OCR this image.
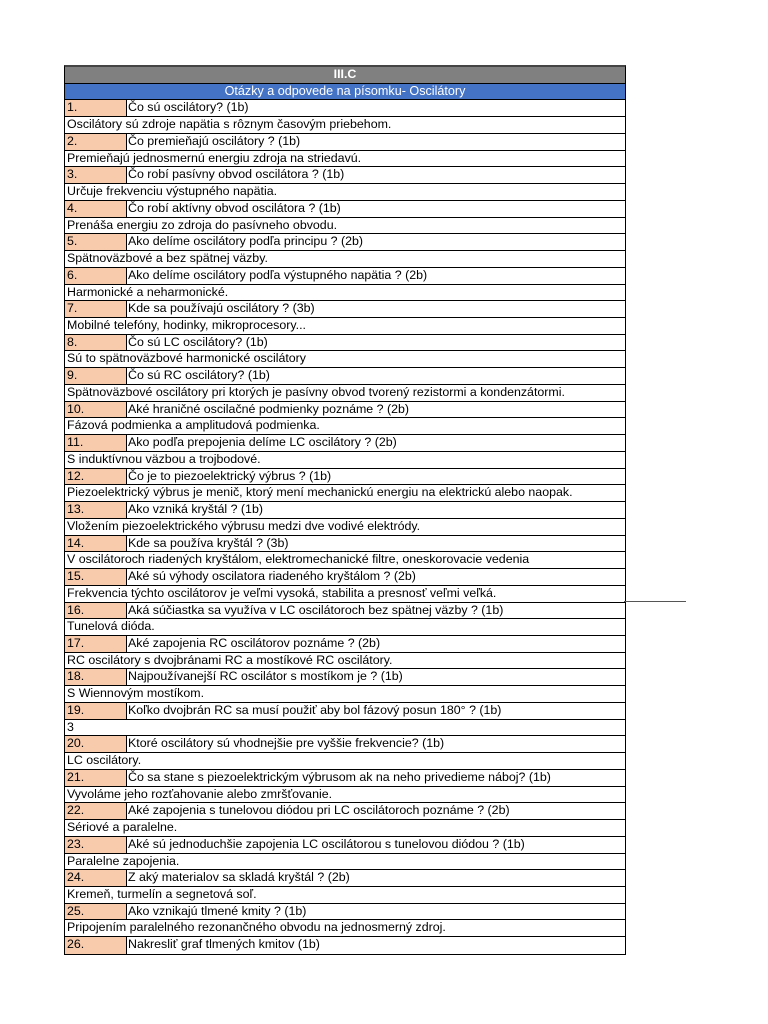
III.C
Otázky a odpovede na písomku- Oscilátory
1.	Čo sú oscilátory? (1b)
Oscilátory sú zdroje napätia s rôznym časovým priebehom.
2.	Čo premieňajú oscilátory ? (1b)
Premieňajú jednosmernú energiu zdroja na striedavú.
3.	Čo robí pasívny obvod oscilátora ? (1b)
Určuje frekvenciu výstupného napätia.
4.	Čo robí aktívny obvod oscilátora ? (1b)
Prenáša energiu zo zdroja do pasívneho obvodu.
5.	Ako delíme oscilátory podľa principu ? (2b)
Spätnoväzbové a bez spätnej väzby.
6.	Ako delíme oscilátory podľa výstupného napätia ? (2b)
Harmonické a neharmonické.
7.	Kde sa používajú oscilátory ? (3b)
Mobilné telefóny, hodinky, mikroprocesory...
8.	Čo sú LC oscilátory? (1b)
Sú to spätnoväzbové harmonické oscilátory
9.	Čo sú RC oscilátory? (1b)
Spätnoväzbové oscilátory pri ktorých je pasívny obvod tvorený rezistormi a kondenzátormi.
10.	Aké hraničné oscilačné podmienky poznáme ? (2b)
Fázová podmienka a amplitudová podmienka.
11.	Ako podľa prepojenia delíme LC oscilátory ? (2b)
S induktívnou väzbou a trojbodové.
12.	Čo je to piezoelektrický výbrus ? (1b)
Piezoelektrický výbrus je menič, ktorý mení mechanickú energiu na elektrickú alebo naopak.
13.	Ako vzniká kryštál ? (1b)
Vložením piezoelektrického výbrusu medzi dve vodivé elektródy.
14.	Kde sa používa kryštál ? (3b)
V oscilátoroch riadených kryštálom, elektromechanické filtre, oneskorovacie vedenia
15.	Aké sú výhody oscilatora riadeného kryštálom ? (2b)
Frekvencia týchto oscilátorov je veľmi vysoká, stabilita a presnosť veľmi veľká.
16.	Aká súčiastka sa využíva v LC oscilátoroch bez spätnej väzby ? (1b)
Tunelová dióda.
17.	Aké zapojenia RC oscilátorov poznáme ? (2b)
RC oscilátory s dvojbránami RC a mostíkové RC oscilátory.
18.	Najpoužívanejší RC oscilátor s mostíkom je ? (1b)
S Wiennovým mostíkom.
19.	Koľko dvojbrán RC sa musí použiť aby bol fázový posun 180° ? (1b)
3
20.	Ktoré oscilátory sú vhodnejšie pre vyššie frekvencie? (1b)
LC oscilátory.
21.	Čo sa stane s piezoelektrickým výbrusom ak na neho privedieme náboj? (1b)
Vyvoláme jeho rozťahovanie alebo zmršťovanie.
22.	Aké zapojenia s tunelovou diódou pri LC oscilátoroch poznáme ? (2b)
Sériové a paralelne.
23.	Aké sú jednoduchšie zapojenia LC oscilátorou s tunelovou diódou ? (1b)
Paralelne zapojenia.
24.	Z aký materialov sa skladá kryštál ? (2b)
Kremeň, turmelín a segnetová soľ.
25.	Ako vznikajú tlmené kmity ? (1b)
Pripojením paralelného rezonančného obvodu na jednosmerný zdroj.
26.	Nakresliť graf tlmených kmitov (1b)
